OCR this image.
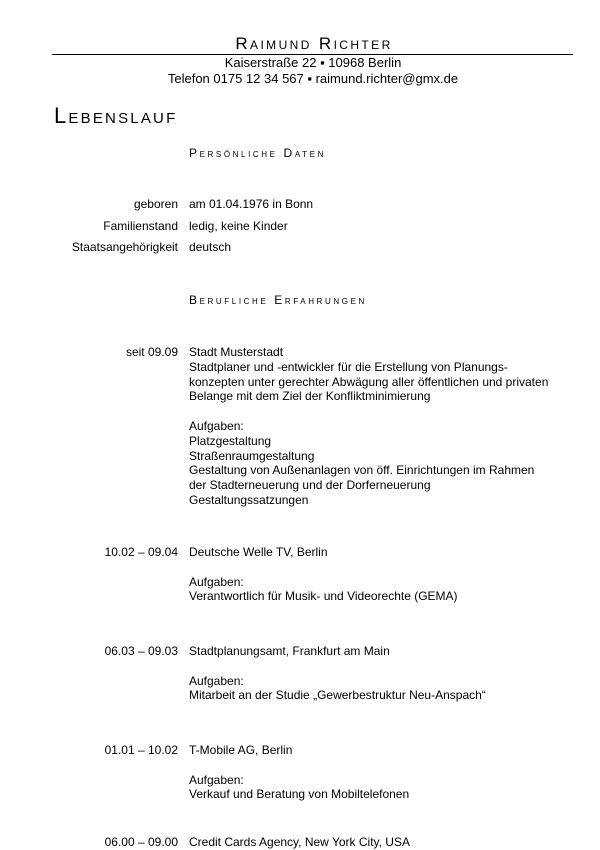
Raimund Richter
Kaiserstraße 22 ▪ 10968 Berlin
Telefon 0175 12 34 567 ▪ raimund.richter@gmx.de
Lebenslauf
Persönliche Daten
geboren am 01.04.1976 in Bonn
Familienstand ledig, keine Kinder
Staatsangehörigkeit deutsch
Berufliche Erfahrungen
seit 09.09 Stadt Musterstadt
Stadtplaner und -entwickler für die Erstellung von Planungs-
konzepten unter gerechter Abwägung aller öffentlichen und privaten
Belange mit dem Ziel der Konfliktminimierung
Aufgaben:
Platzgestaltung
Straßenraumgestaltung
Gestaltung von Außenanlagen von öff. Einrichtungen im Rahmen
der Stadterneuerung und der Dorferneuerung
Gestaltungssatzungen
10.02 – 09.04 Deutsche Welle TV, Berlin
Aufgaben:
Verantwortlich für Musik- und Videorechte (GEMA)
06.03 – 09.03 Stadtplanungsamt, Frankfurt am Main
Aufgaben:
Mitarbeit an der Studie „Gewerbestruktur Neu-Anspach“
01.01 – 10.02 T-Mobile AG, Berlin
Aufgaben:
Verkauf und Beratung von Mobiltelefonen
06.00 – 09.00 Credit Cards Agency, New York City, USA
